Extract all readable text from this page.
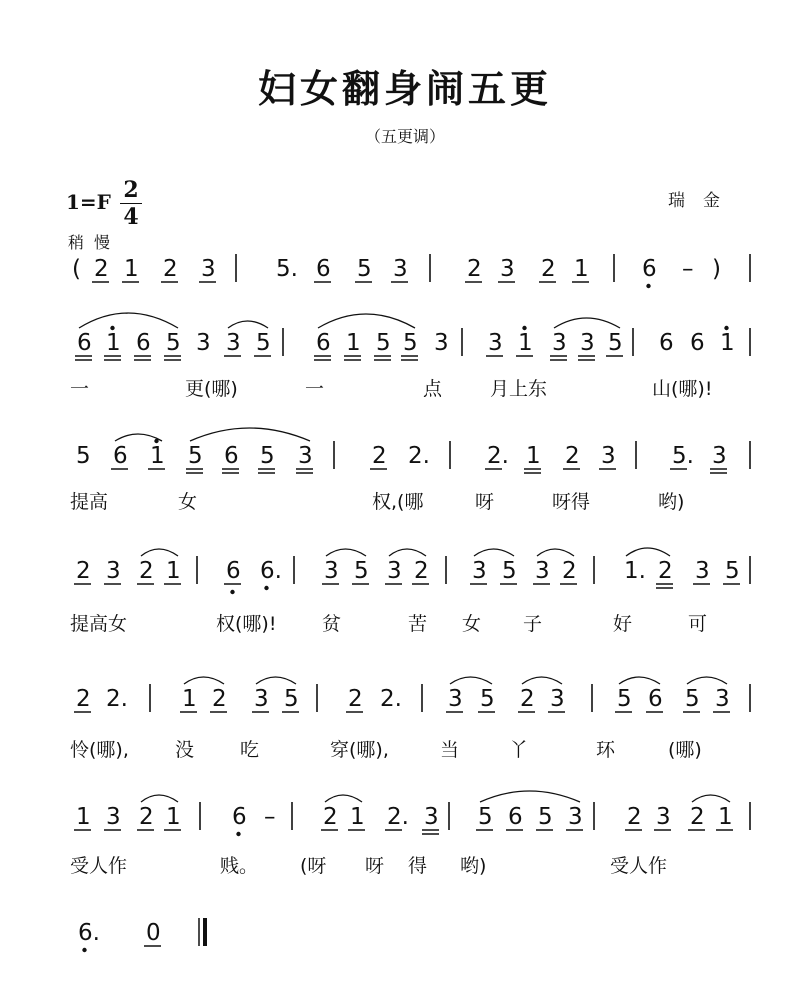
妇女翻身闹五更
（五更调）
1=F 2
4
瑞金
稍慢
( 2 1 2 3	5. 6 5 3	2 3 2 1 6 – )
6 1 6 5 3 3 5 6 1 5 5 3 3 1 3 3 5 6 6 1
一	更(哪)	一	点	月上东	山(哪)!
5 6 1 5 6 5 3	2 2. 2. 1 2 3 5. 3
提高	女	权,(哪	呀	呀得	哟)
2 3 2 1 6 6. 3 5 3 2 3 5 3 2 1. 2 3 5
提高女	权(哪)! 贫	苦 女 子	好	可
2 2. 1 2 3 5 2 2. 3 5 2 3 5 6 5 3
怜(哪), 没 吃	穿(哪),	当	丫	环	(哪)
1 3 2 1 6 – 2 1 2. 3 5 6 5 3 2 3 2 1
受人作	贱。 (呀 呀 得 哟)	受人作
6. 0
